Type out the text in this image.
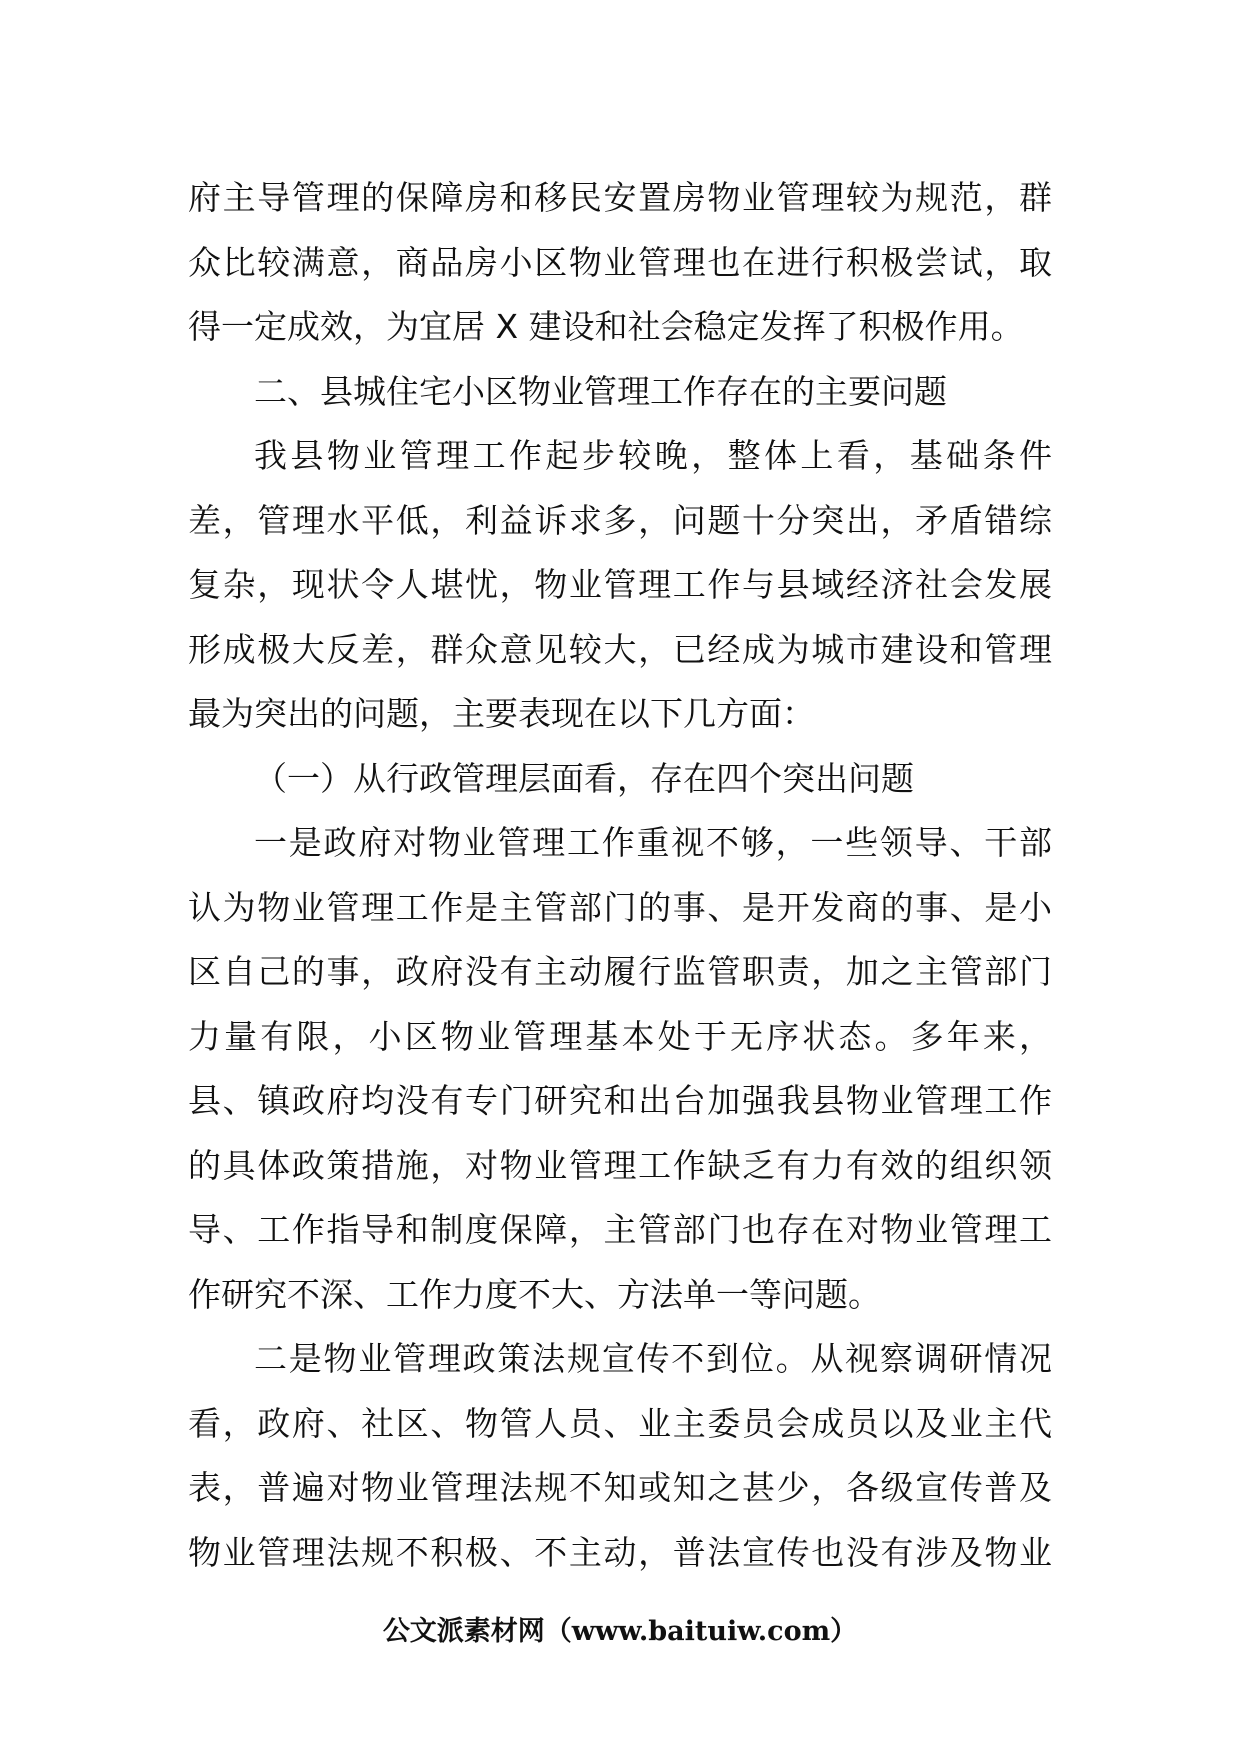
府主导管理的保障房和移民安置房物业管理较为规范，群
众比较满意，商品房小区物业管理也在进行积极尝试，取
得一定成效，为宜居 X 建设和社会稳定发挥了积极作用。
二、县城住宅小区物业管理工作存在的主要问题
我县物业管理工作起步较晚，整体上看，基础条件
差，管理水平低，利益诉求多，问题十分突出，矛盾错综
复杂，现状令人堪忧，物业管理工作与县域经济社会发展
形成极大反差，群众意见较大，已经成为城市建设和管理
最为突出的问题，主要表现在以下几方面：
（一）从行政管理层面看，存在四个突出问题
一是政府对物业管理工作重视不够，一些领导、干部
认为物业管理工作是主管部门的事、是开发商的事、是小
区自己的事，政府没有主动履行监管职责，加之主管部门
力量有限，小区物业管理基本处于无序状态。多年来，
县、镇政府均没有专门研究和出台加强我县物业管理工作
的具体政策措施，对物业管理工作缺乏有力有效的组织领
导、工作指导和制度保障，主管部门也存在对物业管理工
作研究不深、工作力度不大、方法单一等问题。
二是物业管理政策法规宣传不到位。从视察调研情况
看，政府、社区、物管人员、业主委员会成员以及业主代
表，普遍对物业管理法规不知或知之甚少，各级宣传普及
物业管理法规不积极、不主动，普法宣传也没有涉及物业
公文派素材网（www.baituiw.com）
